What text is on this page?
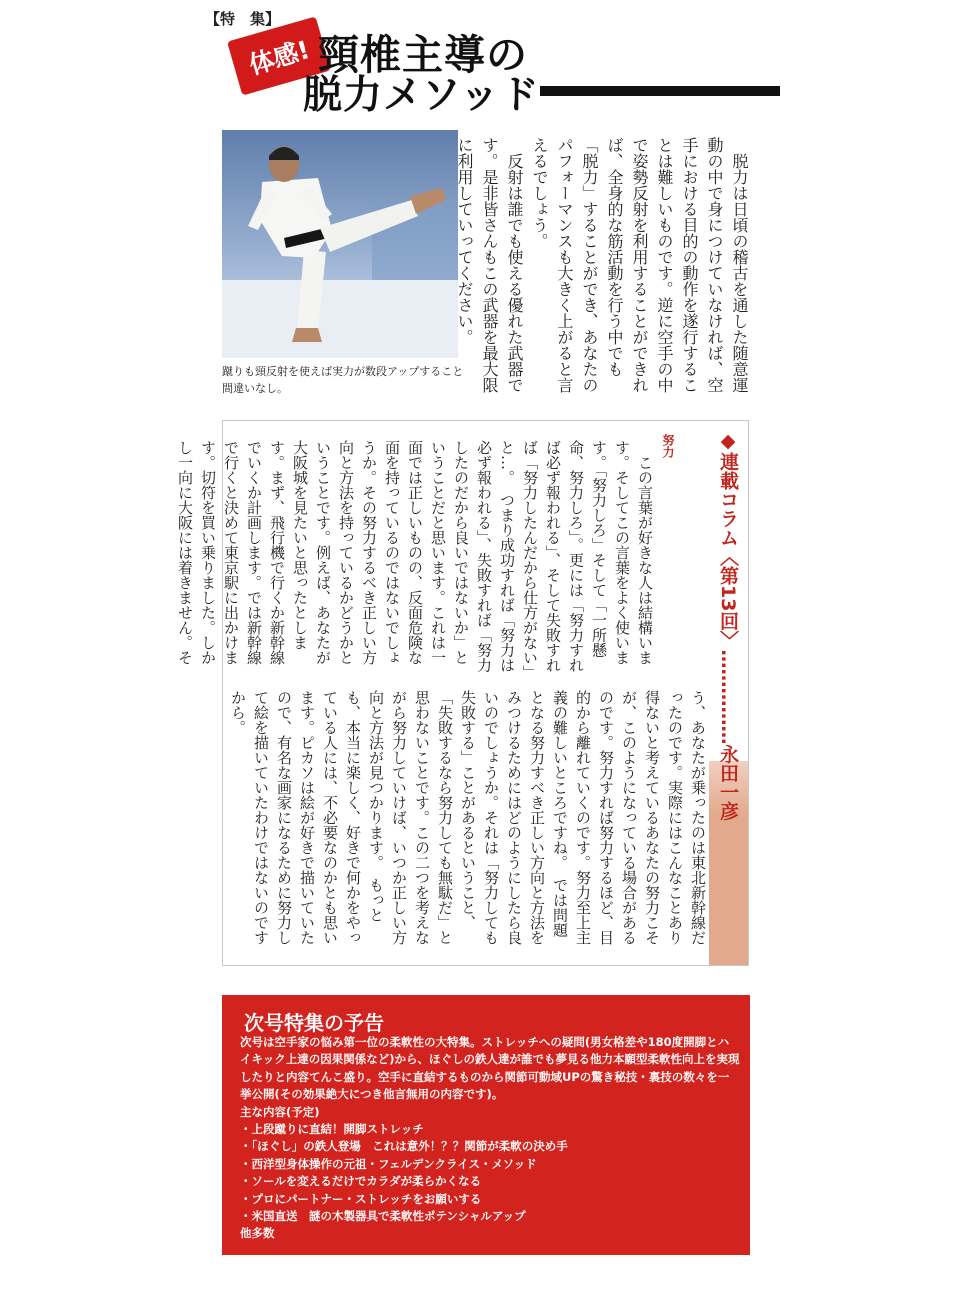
【特　集】
体感! 頸椎主導の
脱力メソッド
蹴りも頸反射を使えば実力が数段アップすること間違いなし。	脱力は日頃の稽古を通した随意運動の中で身につけていなければ、空手における目的の動作を遂行することは難しいものです。逆に空手の中で姿勢反射を利用することができれば、全身的な筋活動を行う中でも「脱力」することができ、あなたのパフォーマンスも大きく上がると言えるでしょう。

反射は誰でも使える優れた武器です。是非皆さんもこの武器を最大限に利用していってください。

◆連載コラム〈第13回〉……………永田一彦
努力

　この言葉が好きな人は結構います。そしてこの言葉をよく使います。「努力しろ」そして「一所懸命、努力しろ」。更には「努力すれば必ず報われる」、そして失敗すれば「努力したんだから仕方がない」と…。　つまり成功すれば「努力は必ず報われる」、失敗すれば「努力したのだから良いではないか」ということだと思います。これは一面では正しいものの、反面危険な面を持っているのではないでしょうか。その努力するべき正しい方向と方法を持っているかどうかということです。例えば、あなたが大阪城を見たいと思ったとします。まず、飛行機で行くか新幹線でいくか計画します。では新幹線で行くと決めて東京駅に出かけます。切符を買い乗りました。しかし一向に大阪には着きません。そ

う、あなたが乗ったのは東北新幹線だったのです。実際にはこんなことあり得ないと考えているあなたの努力こそが、このようになっている場合があるのです。努力すれば努力するほど、目的から離れていくのです。努力至上主義の難しいところですね。　では問題となる努力すべき正しい方向と方法をみつけるためにはどのようにしたら良いのでしょうか。それは「努力しても失敗する」ことがあるということ、「失敗するなら努力しても無駄だ」と思わないことです。この二つを考えながら努力していけば、いつか正しい方向と方法が見つかります。　もっとも、本当に楽しく、好きで何かをやっている人には、不必要なのかとも思います。ピカソは絵が好きで描いていたので、有名な画家になるために努力して絵を描いていたわけではないのですから。

次号特集の予告

次号は空手家の悩み第一位の柔軟性の大特集。ストレッチへの疑問(男女格差や180度開脚とハイキック上達の因果関係など)から、ほぐしの鉄人達が誰でも夢見る他力本願型柔軟性向上を実現したりと内容てんこ盛り。空手に直結するものから関節可動域UPの驚き秘技・裏技の数々を一挙公開(その効果絶大につき他言無用の内容です)。

主な内容(予定)

・上段蹴りに直結！開脚ストレッチ
・「ほぐし」の鉄人登場　これは意外！？？関節が柔軟の決め手
・西洋型身体操作の元祖・フェルデンクライス・メソッド
・ソールを変えるだけでカラダが柔らかくなる
・プロにパートナー・ストレッチをお願いする
・米国直送　謎の木製器具で柔軟性ポテンシャルアップ

他多数
